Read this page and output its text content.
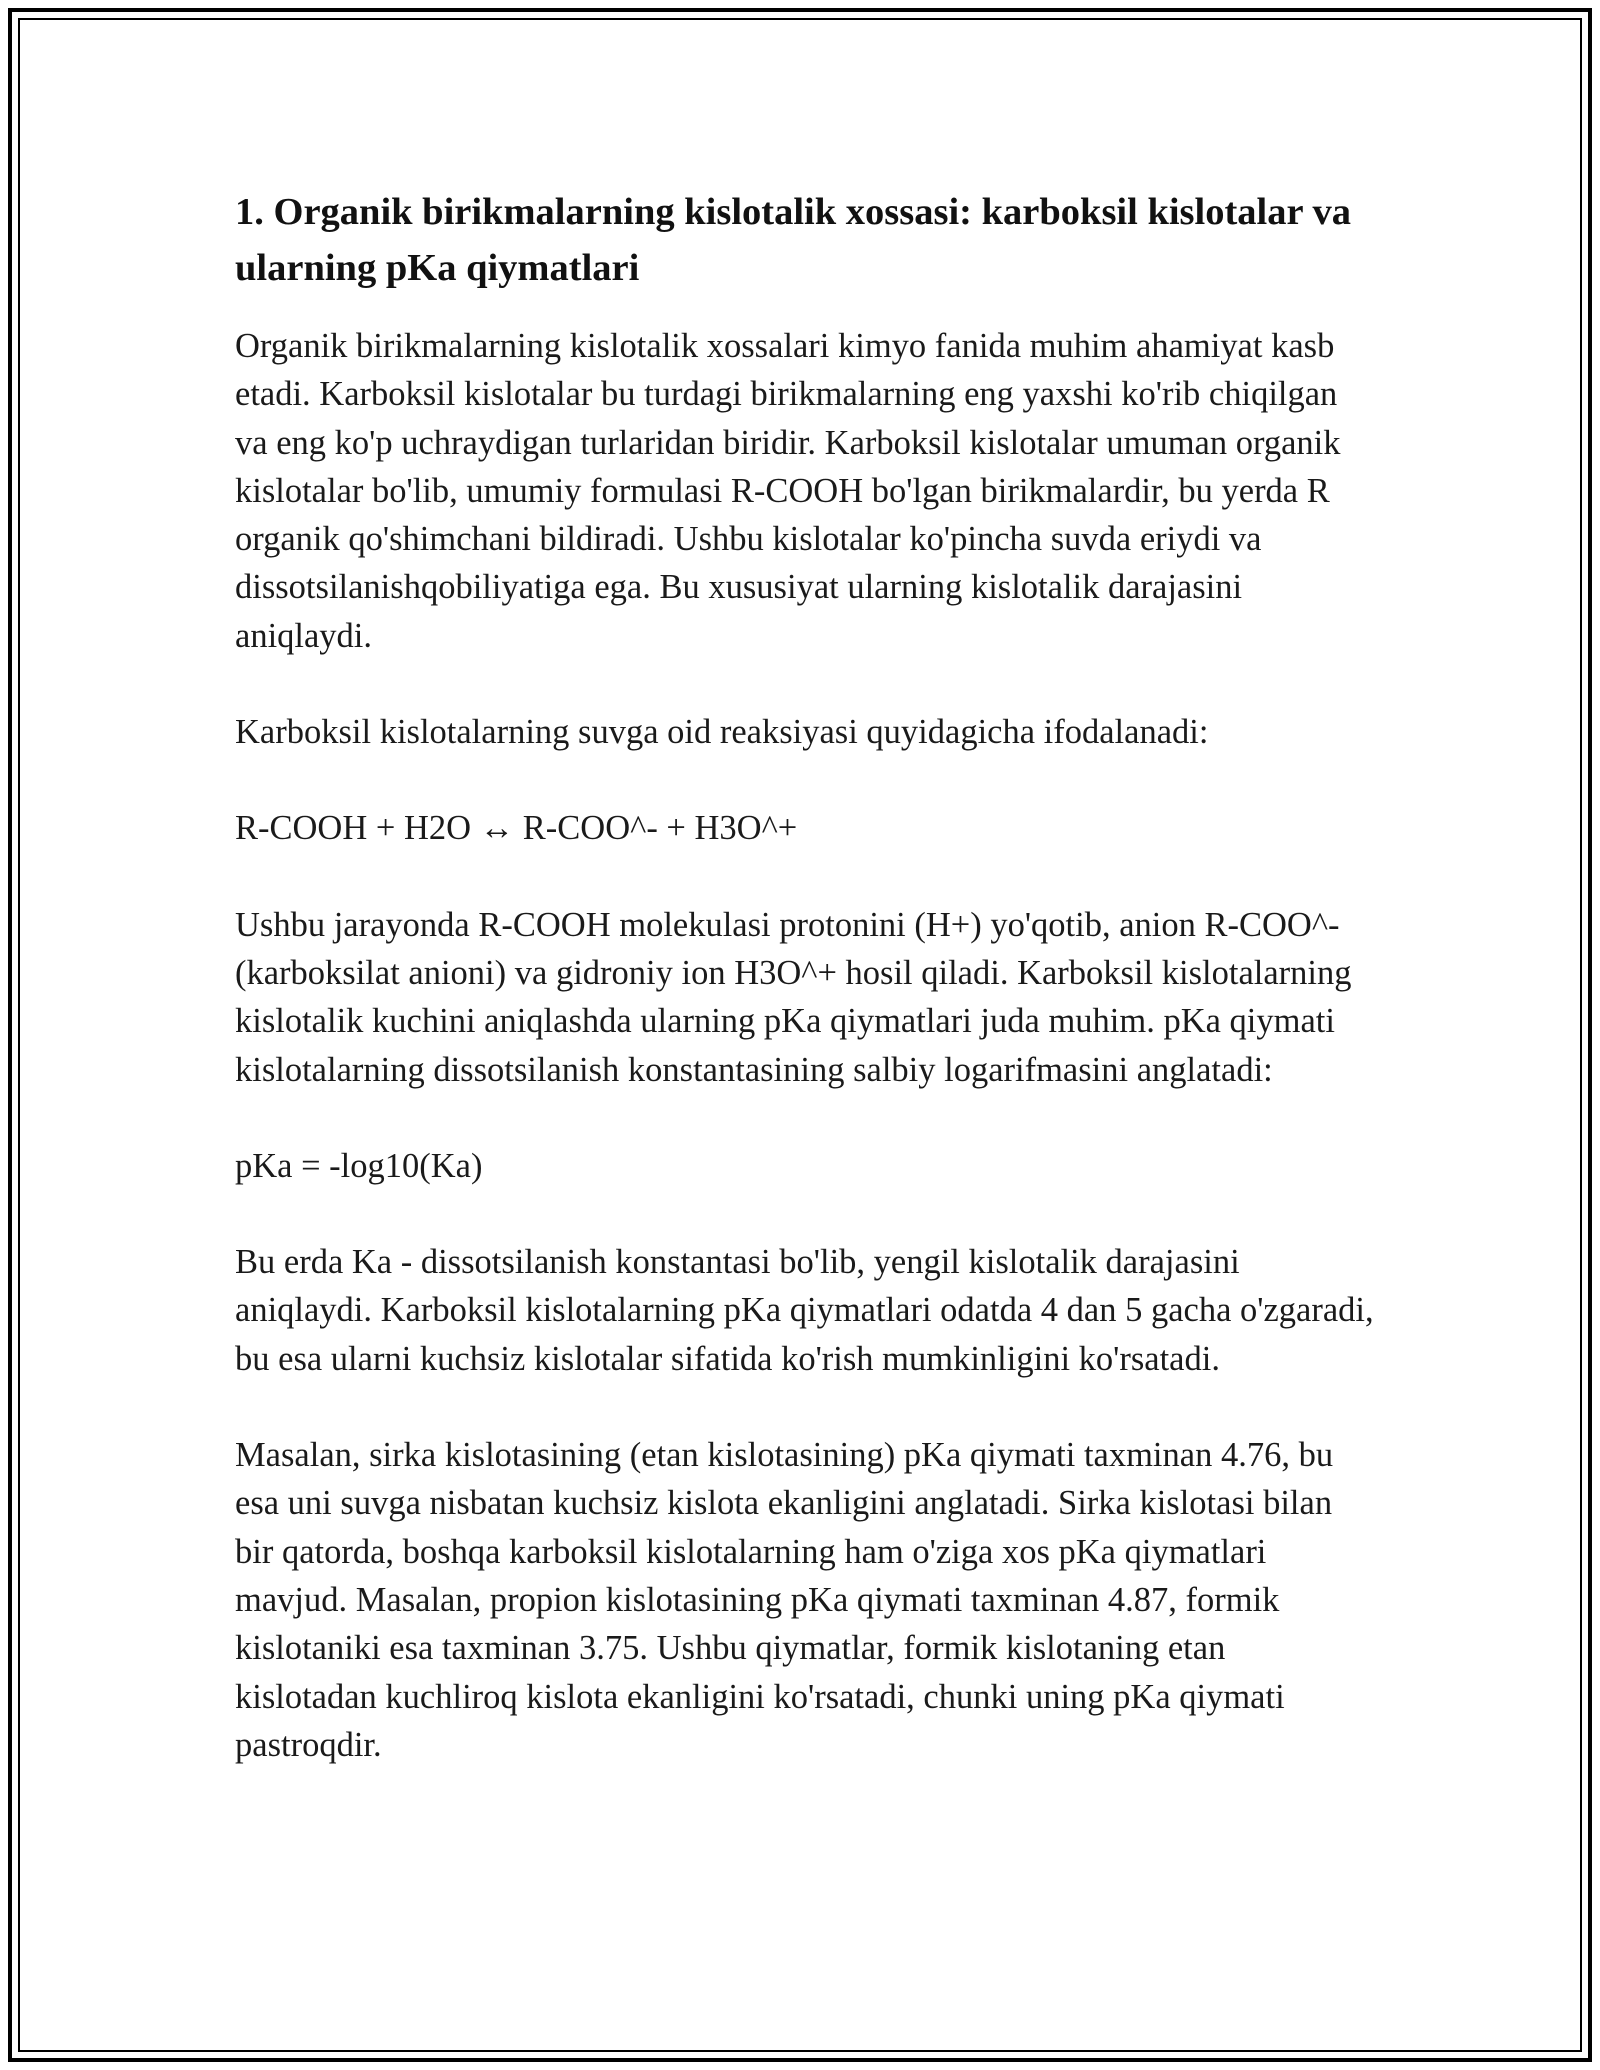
1. Organik birikmalarning kislotalik xossasi: karboksil kislotalar va ularning pKa qiymatlari

Organik birikmalarning kislotalik xossalari kimyo fanida muhim ahamiyat kasb etadi. Karboksil kislotalar bu turdagi birikmalarning eng yaxshi ko'rib chiqilgan va eng ko'p uchraydigan turlaridan biridir. Karboksil kislotalar umuman organik kislotalar bo'lib, umumiy formulasi R-COOH bo'lgan birikmalardir, bu yerda R organik qo'shimchani bildiradi. Ushbu kislotalar ko'pincha suvda eriydi va dissotsilanishqobiliyatiga ega. Bu xususiyat ularning kislotalik darajasini aniqlaydi.

Karboksil kislotalarning suvga oid reaksiyasi quyidagicha ifodalanadi:

R-COOH + H2O ↔ R-COO^- + H3O^+

Ushbu jarayonda R-COOH molekulasi protonini (H+) yo'qotib, anion R-COO^- (karboksilat anioni) va gidroniy ion H3O^+ hosil qiladi. Karboksil kislotalarning kislotalik kuchini aniqlashda ularning pKa qiymatlari juda muhim. pKa qiymati kislotalarning dissotsilanish konstantasining salbiy logarifmasini anglatadi:

pKa = -log10(Ka)

Bu erda Ka - dissotsilanish konstantasi bo'lib, yengil kislotalik darajasini aniqlaydi. Karboksil kislotalarning pKa qiymatlari odatda 4 dan 5 gacha o'zgaradi, bu esa ularni kuchsiz kislotalar sifatida ko'rish mumkinligini ko'rsatadi.

Masalan, sirka kislotasining (etan kislotasining) pKa qiymati taxminan 4.76, bu esa uni suvga nisbatan kuchsiz kislota ekanligini anglatadi. Sirka kislotasi bilan bir qatorda, boshqa karboksil kislotalarning ham o'ziga xos pKa qiymatlari mavjud. Masalan, propion kislotasining pKa qiymati taxminan 4.87, formik kislotaniki esa taxminan 3.75. Ushbu qiymatlar, formik kislotaning etan kislotadan kuchliroq kislota ekanligini ko'rsatadi, chunki uning pKa qiymati pastroqdir.
